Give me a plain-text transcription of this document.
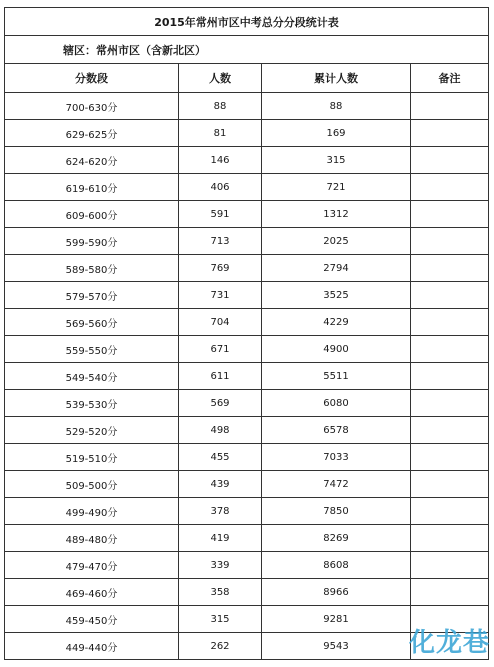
2015年常州市区中考总分分段统计表			
辖区：常州市区（含新北区）			
分数段	人数	累计人数	备注
700-630分	88	88	
629-625分	81	169	
624-620分	146	315	
619-610分	406	721	
609-600分	591	1312	
599-590分	713	2025	
589-580分	769	2794	
579-570分	731	3525	
569-560分	704	4229	
559-550分	671	4900	
549-540分	611	5511	
539-530分	569	6080	
529-520分	498	6578	
519-510分	455	7033	
509-500分	439	7472	
499-490分	378	7850	
489-480分	419	8269	
479-470分	339	8608	
469-460分	358	8966	
459-450分	315	9281	
449-440分	262	9543	化龙巷
